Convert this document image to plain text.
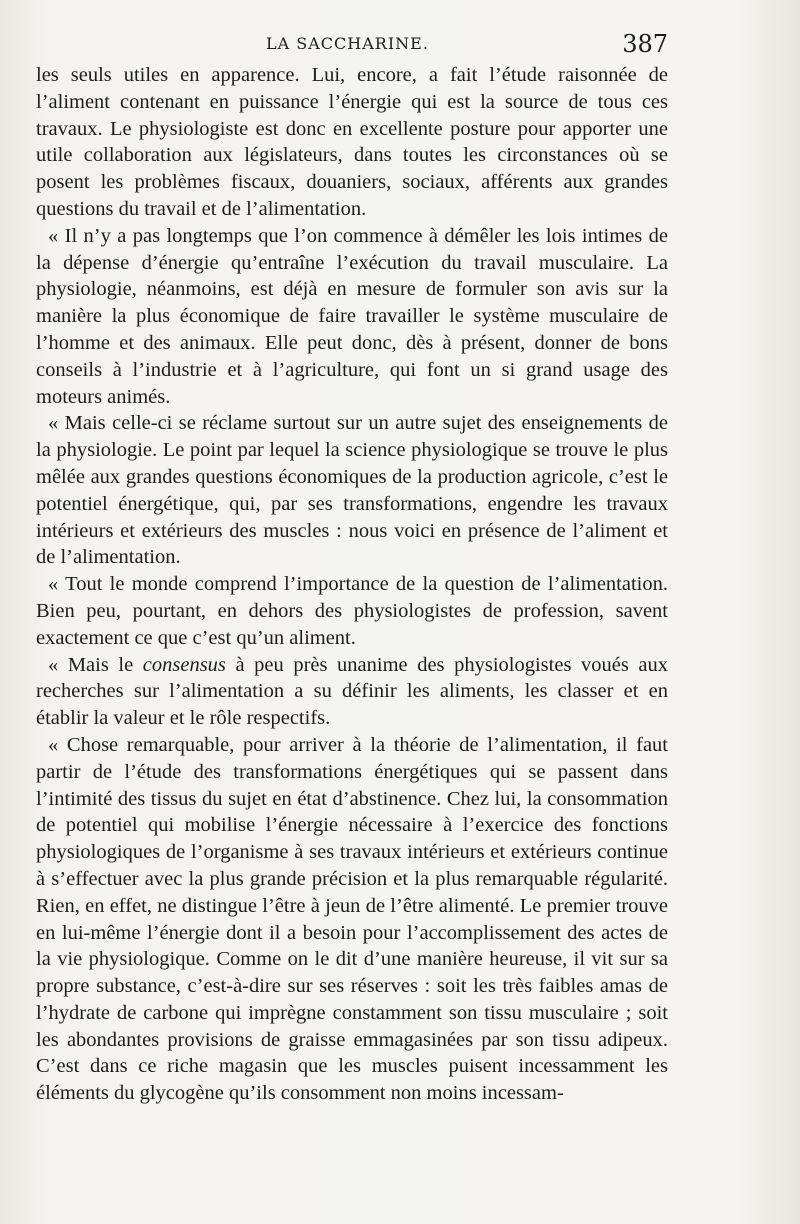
LA SACCHARINE.	387

les seuls utiles en apparence. Lui, encore, a fait l’étude raisonnée de l’aliment contenant en puissance l’énergie qui est la source de tous ces travaux. Le physiologiste est donc en excellente posture pour apporter une utile collaboration aux législateurs, dans toutes les circonstances où se posent les problèmes fiscaux, douaniers, sociaux, afférents aux grandes questions du travail et de l’alimentation.

« Il n’y a pas longtemps que l’on commence à démêler les lois intimes de la dépense d’énergie qu’entraîne l’exécution du travail musculaire. La physiologie, néanmoins, est déjà en mesure de formuler son avis sur la manière la plus économique de faire travailler le système musculaire de l’homme et des animaux. Elle peut donc, dès à présent, donner de bons conseils à l’industrie et à l’agriculture, qui font un si grand usage des moteurs animés.

« Mais celle-ci se réclame surtout sur un autre sujet des enseignements de la physiologie. Le point par lequel la science physiologique se trouve le plus mêlée aux grandes questions économiques de la production agricole, c’est le potentiel énergétique, qui, par ses transformations, engendre les travaux intérieurs et extérieurs des muscles : nous voici en présence de l’aliment et de l’alimentation.

« Tout le monde comprend l’importance de la question de l’alimentation. Bien peu, pourtant, en dehors des physiologistes de profession, savent exactement ce que c’est qu’un aliment.

« Mais le consensus à peu près unanime des physiologistes voués aux recherches sur l’alimentation a su définir les aliments, les classer et en établir la valeur et le rôle respectifs.

« Chose remarquable, pour arriver à la théorie de l’alimentation, il faut partir de l’étude des transformations énergétiques qui se passent dans l’intimité des tissus du sujet en état d’abstinence. Chez lui, la consommation de potentiel qui mobilise l’énergie nécessaire à l’exercice des fonctions physiologiques de l’organisme à ses travaux intérieurs et extérieurs continue à s’effectuer avec la plus grande précision et la plus remarquable régularité. Rien, en effet, ne distingue l’être à jeun de l’être alimenté. Le premier trouve en lui-même l’énergie dont il a besoin pour l’accomplissement des actes de la vie physiologique. Comme on le dit d’une manière heureuse, il vit sur sa propre substance, c’est-à-dire sur ses réserves : soit les très faibles amas de l’hydrate de carbone qui imprègne constamment son tissu musculaire ; soit les abondantes provisions de graisse emmagasinées par son tissu adipeux. C’est dans ce riche magasin que les muscles puisent incessamment les éléments du glycogène qu’ils consomment non moins incessam-
